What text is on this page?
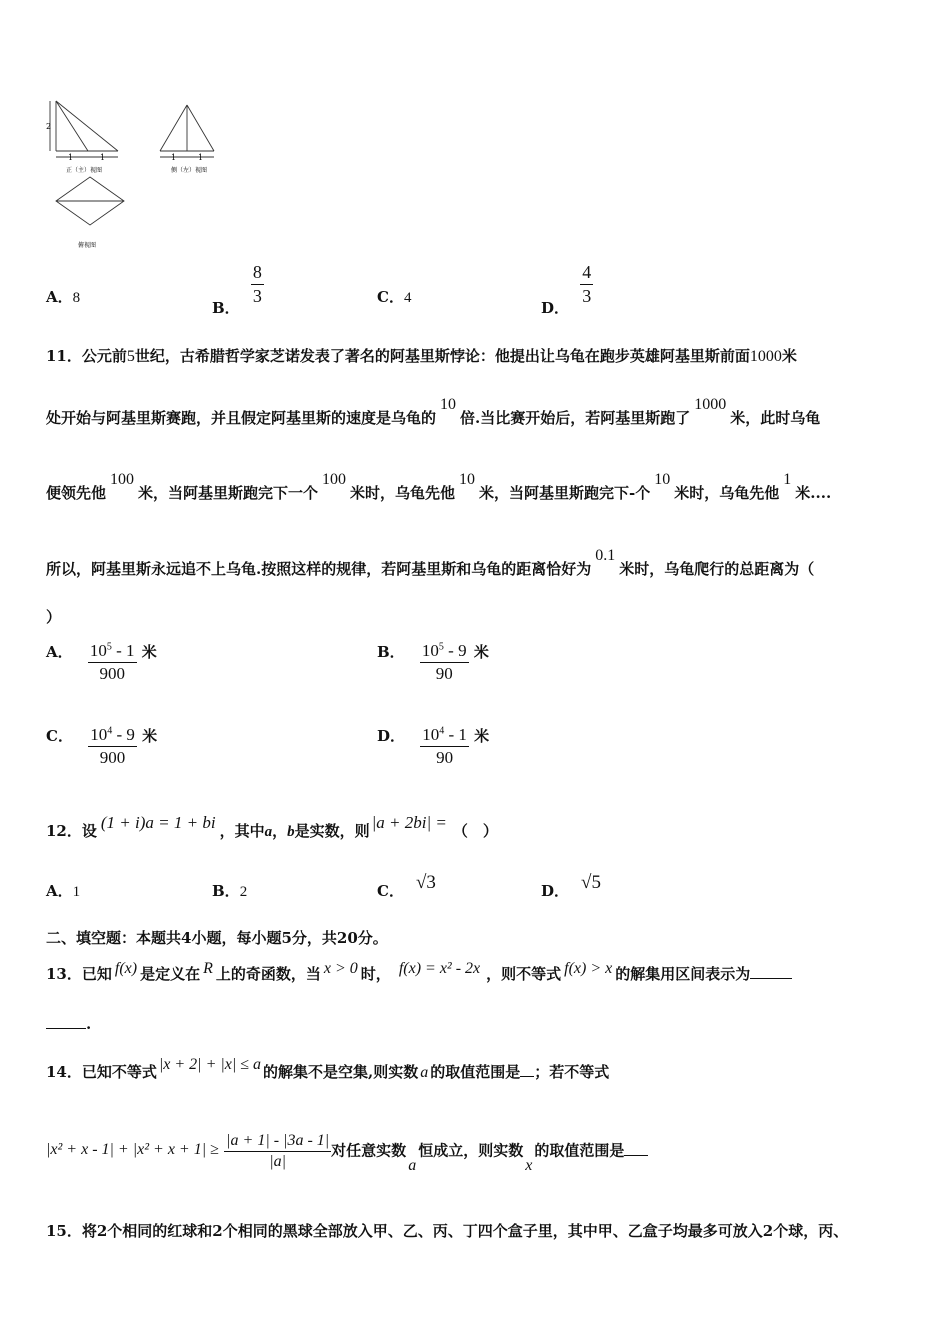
2
1	1
正（主）视图
1	1
侧（左）视图
俯视图
A．8
B．
$\frac{8}{3}$	C．4
D．
$\frac{4}{3}$
11．公元前5世纪，古希腊哲学家芝诺发表了著名的阿基里斯悖论：他提出让乌龟在跑步英雄阿基里斯前面1000米
处开始与阿基里斯赛跑，并且假定阿基里斯的速度是乌龟的10倍.当比赛开始后，若阿基里斯跑了1000米，此时乌龟
便领先他100米，当阿基里斯跑完下一个100米时，乌龟先他10米，当阿基里斯跑完下-个10米时，乌龟先他1米....
所以，阿基里斯永远追不上乌龟.按照这样的规律，若阿基里斯和乌龟的距离恰好为0.1米时，乌龟爬行的总距离为（
）
A． $\frac{10^5 - 1}{900}$ 米	B． $\frac{10^5 - 9}{90}$ 米
C． $\frac{10^4 - 9}{900}$ 米	D． $\frac{10^4 - 1}{90}$ 米
12．设 (1 + i)a = 1 + bi ，其中a，b是实数，则 |a + 2bi| = （　）
A．1	B．2	C． √3	D． √5
二、填空题：本题共4小题，每小题5分，共20分。
13．已知 f(x) 是定义在 R 上的奇函数，当 x > 0 时， f(x) = x² - 2x ，则不等式 f(x) > x 的解集用区间表示为
.
14．已知不等式 |x + 2| + |x| ≤ a 的解集不是空集,则实数 a 的取值范围是 ；若不等式
$|x^2 + x - 1| + |x^2 + x + 1| \ge \frac{|a + 1| - |3a - 1|}{|a|}$ 对任意实数a恒成立，则实数x的取值范围是
15．将2个相同的红球和2个相同的黑球全部放入甲、乙、丙、丁四个盒子里，其中甲、乙盒子均最多可放入2个球，丙、
